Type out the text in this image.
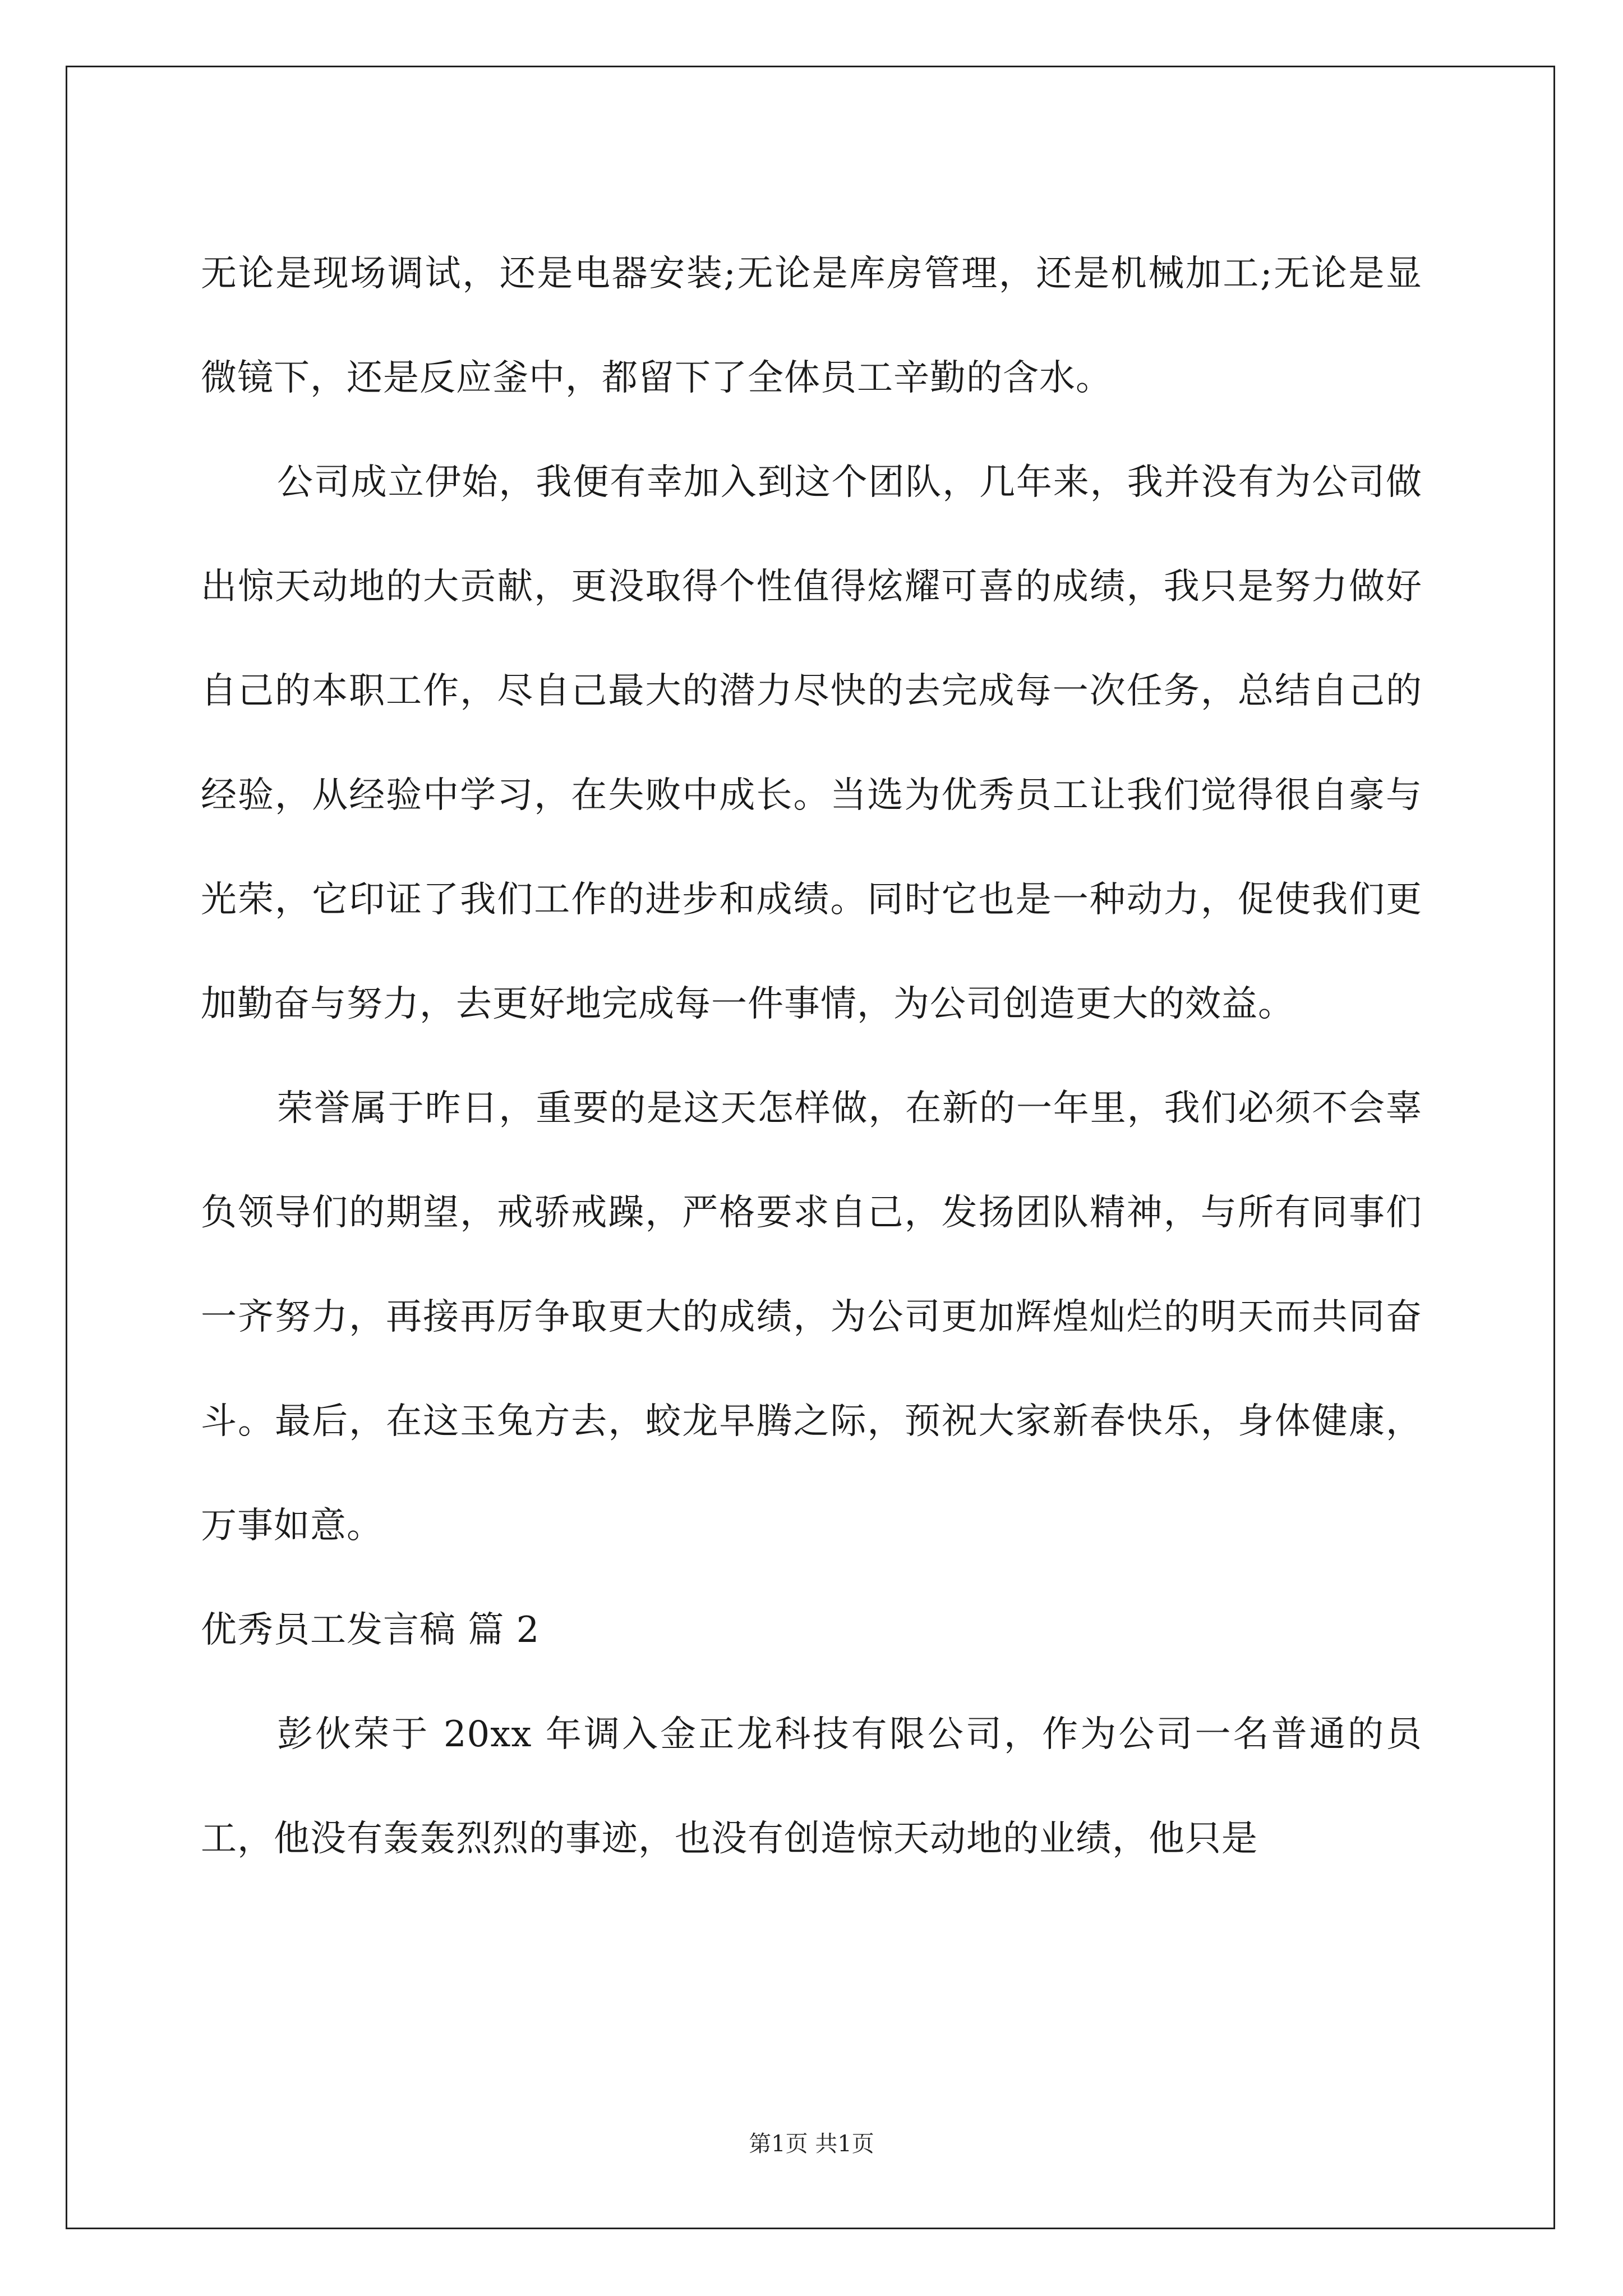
无论是现场调试，还是电器安装;无论是库房管理，还是机械加工;无论是显微镜下，还是反应釜中，都留下了全体员工辛勤的含水。

公司成立伊始，我便有幸加入到这个团队，几年来，我并没有为公司做出惊天动地的大贡献，更没取得个性值得炫耀可喜的成绩，我只是努力做好自己的本职工作，尽自己最大的潜力尽快的去完成每一次任务，总结自己的经验，从经验中学习，在失败中成长。当选为优秀员工让我们觉得很自豪与光荣，它印证了我们工作的进步和成绩。同时它也是一种动力，促使我们更加勤奋与努力，去更好地完成每一件事情，为公司创造更大的效益。

荣誉属于昨日，重要的是这天怎样做，在新的一年里，我们必须不会辜负领导们的期望，戒骄戒躁，严格要求自己，发扬团队精神，与所有同事们一齐努力，再接再厉争取更大的成绩，为公司更加辉煌灿烂的明天而共同奋斗。最后，在这玉兔方去，蛟龙早腾之际，预祝大家新春快乐，身体健康，万事如意。

优秀员工发言稿 篇 2

彭伙荣于 20xx 年调入金正龙科技有限公司，作为公司一名普通的员工，他没有轰轰烈烈的事迹，也没有创造惊天动地的业绩，他只是

第1页 共1页
